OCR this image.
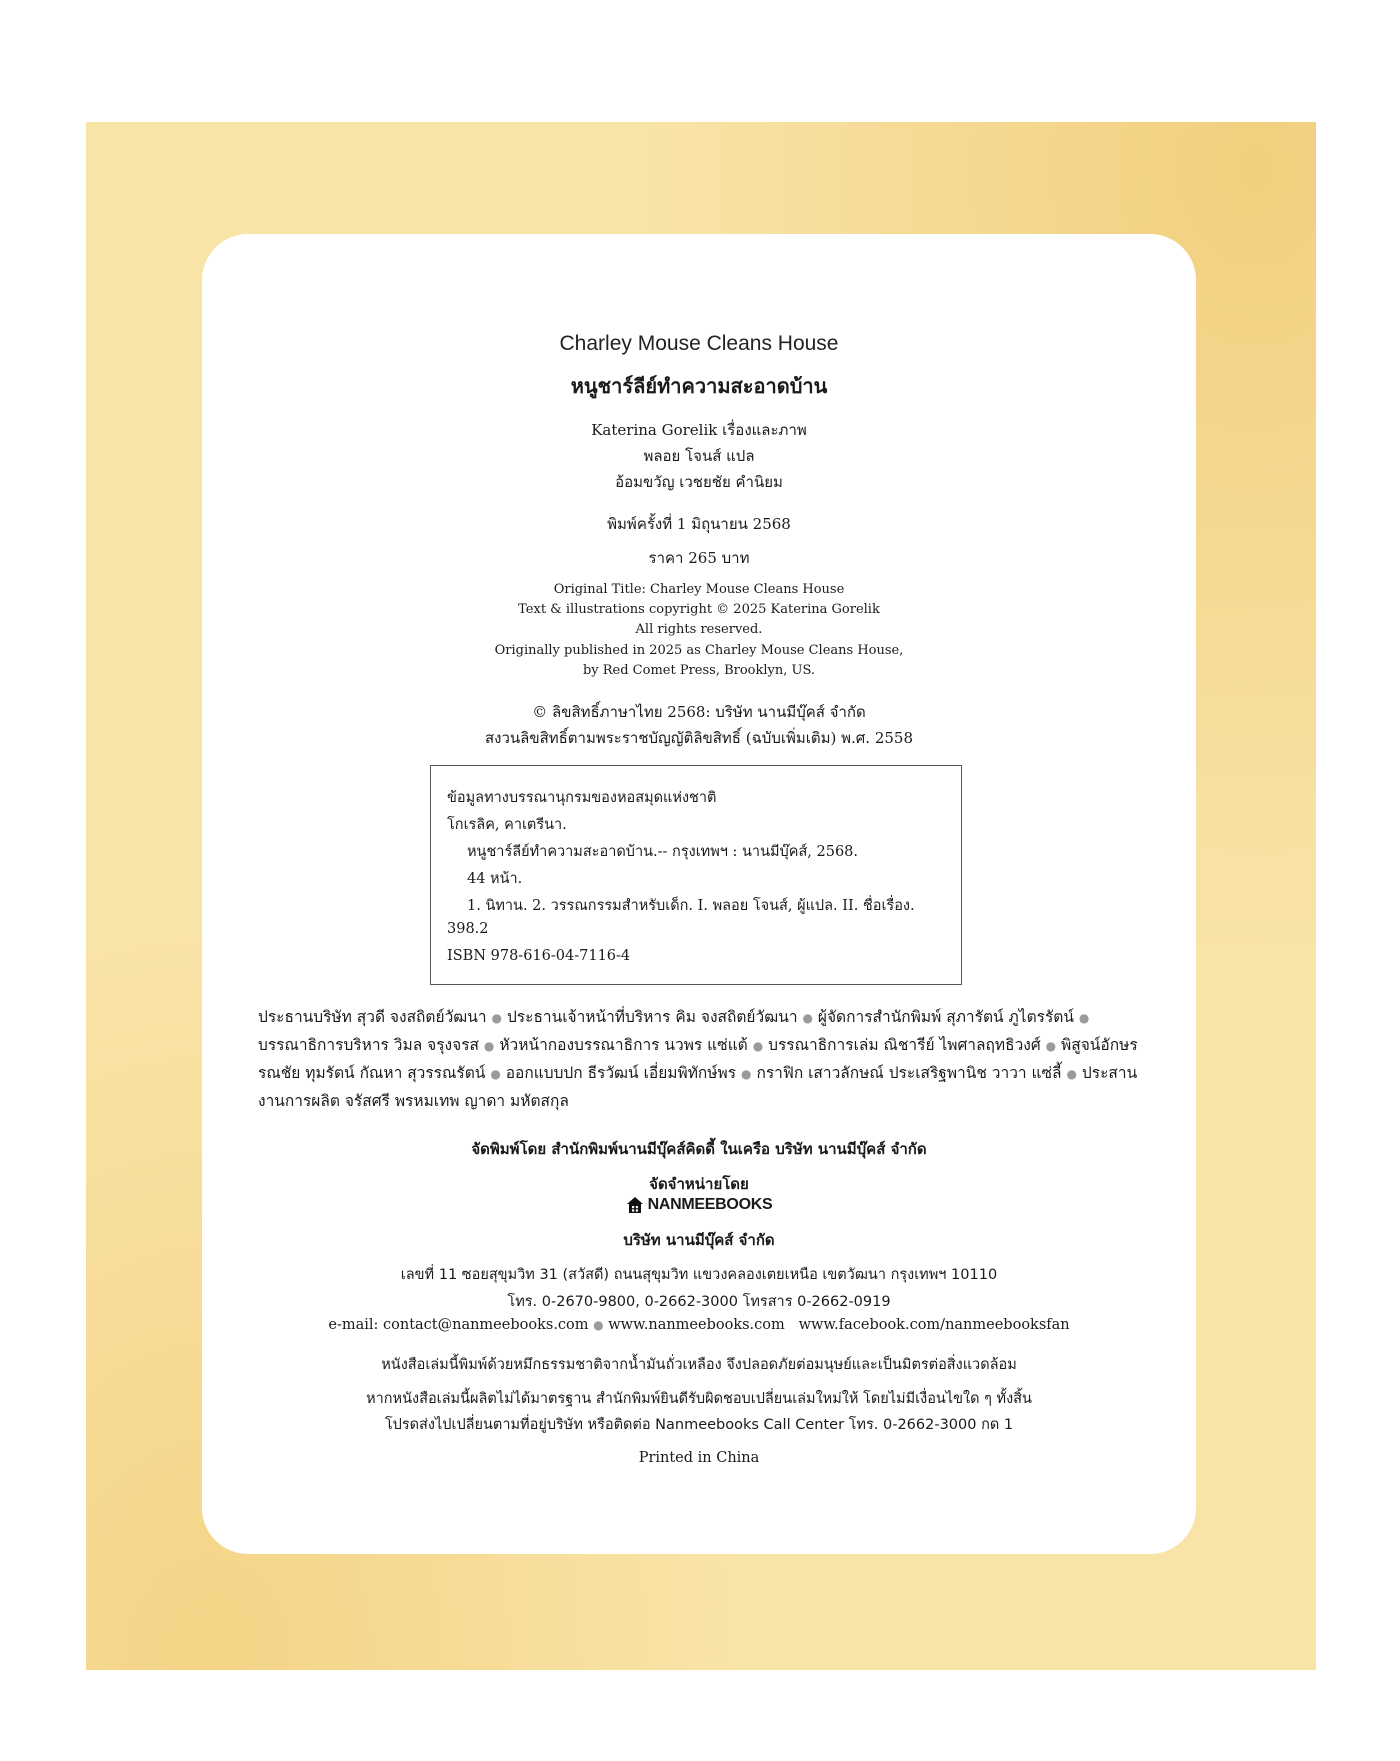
Charley Mouse Cleans House
หนูชาร์ลีย์ทำความสะอาดบ้าน
Katerina Gorelik เรื่องและภาพ
พลอย โจนส์ แปล
อ้อมขวัญ เวชยชัย คำนิยม
พิมพ์ครั้งที่ 1 มิถุนายน 2568
ราคา 265 บาท
Original Title: Charley Mouse Cleans House
Text & illustrations copyright © 2025 Katerina Gorelik
All rights reserved.
Originally published in 2025 as Charley Mouse Cleans House,
by Red Comet Press, Brooklyn, US.
© ลิขสิทธิ์ภาษาไทย 2568: บริษัท นานมีบุ๊คส์ จำกัด
สงวนลิขสิทธิ์ตามพระราชบัญญัติลิขสิทธิ์ (ฉบับเพิ่มเติม) พ.ศ. 2558
ข้อมูลทางบรรณานุกรมของหอสมุดแห่งชาติ
โกเรลิค, คาเตรีนา.
หนูชาร์ลีย์ทำความสะอาดบ้าน.-- กรุงเทพฯ : นานมีบุ๊คส์, 2568.
44 หน้า.
1. นิทาน. 2. วรรณกรรมสำหรับเด็ก. I. พลอย โจนส์, ผู้แปล. II. ชื่อเรื่อง.
398.2
ISBN 978-616-04-7116-4
ประธานบริษัท สุวดี จงสถิตย์วัฒนา ● ประธานเจ้าหน้าที่บริหาร คิม จงสถิตย์วัฒนา ● ผู้จัดการสำนักพิมพ์ สุภารัตน์ ภูไตรรัตน์ ● บรรณาธิการบริหาร วิมล จรุงจรส ● หัวหน้ากองบรรณาธิการ นวพร แซ่แต้ ● บรรณาธิการเล่ม ณิชารีย์ ไพศาลฤทธิวงศ์ ● พิสูจน์อักษร รณชัย ทุมรัตน์ กัณหา สุวรรณรัตน์ ● ออกแบบปก ธีรวัฒน์ เอี่ยมพิทักษ์พร ● กราฟิก เสาวลักษณ์ ประเสริฐพานิช วาวา แซ่ลี้ ● ประสานงานการผลิต จรัสศรี พรหมเทพ ญาดา มหัตสกุล
จัดพิมพ์โดย สำนักพิมพ์นานมีบุ๊คส์คิดดี้ ในเครือ บริษัท นานมีบุ๊คส์ จำกัด
จัดจำหน่ายโดย
NANMEEBOOKS
บริษัท นานมีบุ๊คส์ จำกัด
เลขที่ 11 ซอยสุขุมวิท 31 (สวัสดี) ถนนสุขุมวิท แขวงคลองเตยเหนือ เขตวัฒนา กรุงเทพฯ 10110
โทร. 0-2670-9800, 0-2662-3000 โทรสาร 0-2662-0919
e-mail: contact@nanmeebooks.com ● www.nanmeebooks.com www.facebook.com/nanmeebooksfan
หนังสือเล่มนี้พิมพ์ด้วยหมึกธรรมชาติจากน้ำมันถั่วเหลือง จึงปลอดภัยต่อมนุษย์และเป็นมิตรต่อสิ่งแวดล้อม
หากหนังสือเล่มนี้ผลิตไม่ได้มาตรฐาน สำนักพิมพ์ยินดีรับผิดชอบเปลี่ยนเล่มใหม่ให้ โดยไม่มีเงื่อนไขใด ๆ ทั้งสิ้น
โปรดส่งไปเปลี่ยนตามที่อยู่บริษัท หรือติดต่อ Nanmeebooks Call Center โทร. 0-2662-3000 กด 1
Printed in China
